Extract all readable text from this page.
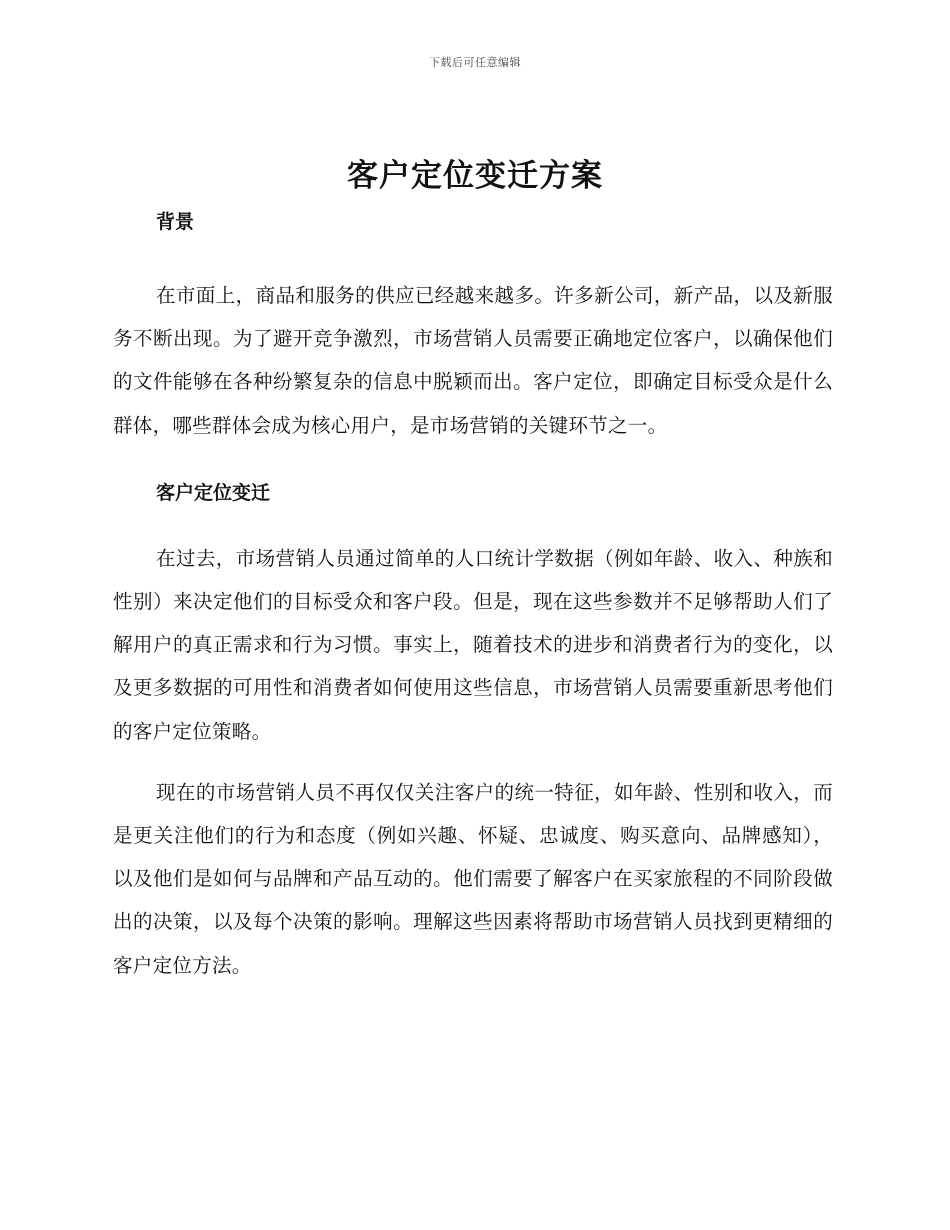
下载后可任意编辑
客户定位变迁方案
背景

在市面上，商品和服务的供应已经越来越多。许多新公司，新产品，以及新服务不断出现。为了避开竞争激烈，市场营销人员需要正确地定位客户，以确保他们的文件能够在各种纷繁复杂的信息中脱颖而出。客户定位，即确定目标受众是什么群体，哪些群体会成为核心用户，是市场营销的关键环节之一。

客户定位变迁

在过去，市场营销人员通过简单的人口统计学数据（例如年龄、收入、种族和性别）来决定他们的目标受众和客户段。但是，现在这些参数并不足够帮助人们了解用户的真正需求和行为习惯。事实上，随着技术的进步和消费者行为的变化，以及更多数据的可用性和消费者如何使用这些信息，市场营销人员需要重新思考他们的客户定位策略。

现在的市场营销人员不再仅仅关注客户的统一特征，如年龄、性别和收入，而是更关注他们的行为和态度（例如兴趣、怀疑、忠诚度、购买意向、品牌感知），以及他们是如何与品牌和产品互动的。他们需要了解客户在买家旅程的不同阶段做出的决策，以及每个决策的影响。理解这些因素将帮助市场营销人员找到更精细的客户定位方法。
